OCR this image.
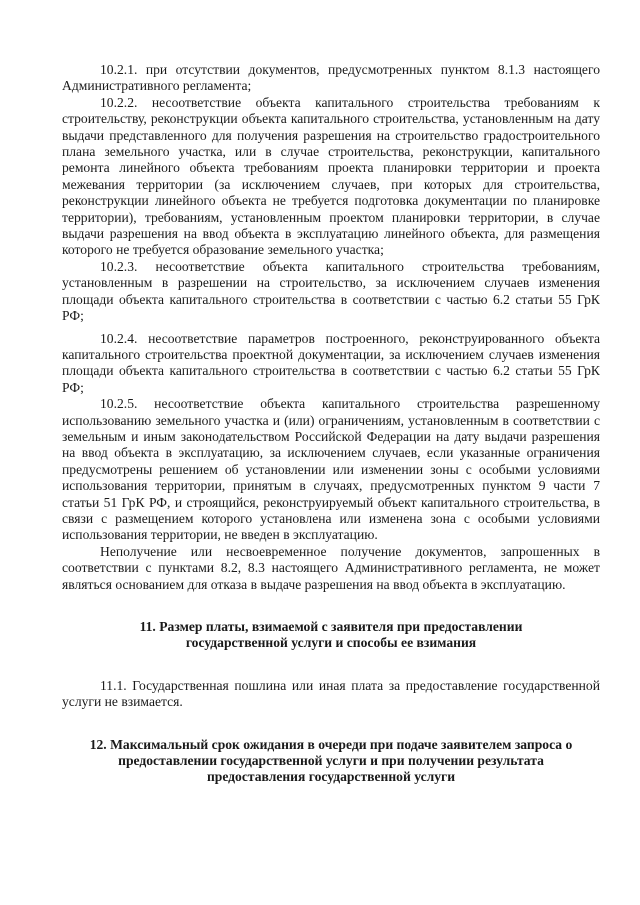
10.2.1. при отсутствии документов, предусмотренных пунктом 8.1.3 настоящего Административного регламента;

10.2.2. несоответствие объекта капитального строительства требованиям к строительству, реконструкции объекта капитального строительства, установленным на дату выдачи представленного для получения разрешения на строительство градостроительного плана земельного участка, или в случае строительства, реконструкции, капитального ремонта линейного объекта требованиям проекта планировки территории и проекта межевания территории (за исключением случаев, при которых для строительства, реконструкции линейного объекта не требуется подготовка документации по планировке территории), требованиям, установленным проектом планировки территории, в случае выдачи разрешения на ввод объекта в эксплуатацию линейного объекта, для размещения которого не требуется образование земельного участка;

10.2.3. несоответствие объекта капитального строительства требованиям, установленным в разрешении на строительство, за исключением случаев изменения площади объекта капитального строительства в соответствии с частью 6.2 статьи 55 ГрК РФ;

10.2.4. несоответствие параметров построенного, реконструированного объекта капитального строительства проектной документации, за исключением случаев изменения площади объекта капитального строительства в соответствии с частью 6.2 статьи 55 ГрК РФ;

10.2.5. несоответствие объекта капитального строительства разрешенному использованию земельного участка и (или) ограничениям, установленным в соответствии с земельным и иным законодательством Российской Федерации на дату выдачи разрешения на ввод объекта в эксплуатацию, за исключением случаев, если указанные ограничения предусмотрены решением об установлении или изменении зоны с особыми условиями использования территории, принятым в случаях, предусмотренных пунктом 9 части 7 статьи 51 ГрК РФ, и строящийся, реконструируемый объект капитального строительства, в связи с размещением которого установлена или изменена зона с особыми условиями использования территории, не введен в эксплуатацию.

Неполучение или несвоевременное получение документов, запрошенных в соответствии с пунктами 8.2, 8.3 настоящего Административного регламента, не может являться основанием для отказа в выдаче разрешения на ввод объекта в эксплуатацию.

11. Размер платы, взимаемой с заявителя при предоставлении государственной услуги и способы ее взимания

11.1. Государственная пошлина или иная плата за предоставление государственной услуги не взимается.

12. Максимальный срок ожидания в очереди при подаче заявителем запроса о предоставлении государственной услуги и при получении результата предоставления государственной услуги
